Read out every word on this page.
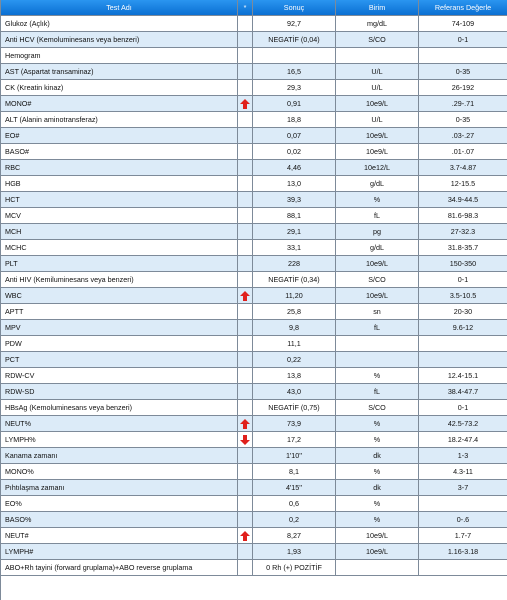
Test Adı	*	Sonuç	Birim	Referans Değerle
Glukoz (Açlık)	92,7	mg/dL	74-109
Anti HCV (Kemoluminesans veya benzeri)	NEGATİF (0,04)	S/CO	0-1
Hemogram
AST (Aspartat transaminaz)	16,5	U/L	0-35
CK (Kreatin kinaz)	29,3	U/L	26-192
MONO#	0,91	10e9/L	.29-.71
ALT (Alanin aminotransferaz)	18,8	U/L	0-35
EO#	0,07	10e9/L	.03-.27
BASO#	0,02	10e9/L	.01-.07
RBC	4,46	10e12/L	3.7-4.87
HGB	13,0	g/dL	12-15.5
HCT	39,3	%	34.9-44.5
MCV	88,1	fL	81.6-98.3
MCH	29,1	pg	27-32.3
MCHC	33,1	g/dL	31.8-35.7
PLT	228	10e9/L	150-350
Anti HIV (Kemiluminesans veya benzeri)	NEGATİF (0,34)	S/CO	0-1
WBC	11,20	10e9/L	3.5-10.5
APTT	25,8	sn	20-30
MPV	9,8	fL	9.6-12
PDW	11,1
PCT	0,22
RDW-CV	13,8	%	12.4-15.1
RDW-SD	43,0	fL	38.4-47.7
HBsAg (Kemoluminesans veya benzeri)	NEGATİF (0,75)	S/CO	0-1
NEUT%	73,9	%	42.5-73.2
LYMPH%	17,2	%	18.2-47.4
Kanama zamanı	1'10''	dk	1-3
MONO%	8,1	%	4.3-11
Pıhtılaşma zamanı	4'15''	dk	3-7
EO%	0,6	%
BASO%	0,2	%	0-.6
NEUT#	8,27	10e9/L	1.7-7
LYMPH#	1,93	10e9/L	1.16-3.18
ABO+Rh tayini (forward gruplama)+ABO reverse gruplama	0 Rh (+) POZİTİF
